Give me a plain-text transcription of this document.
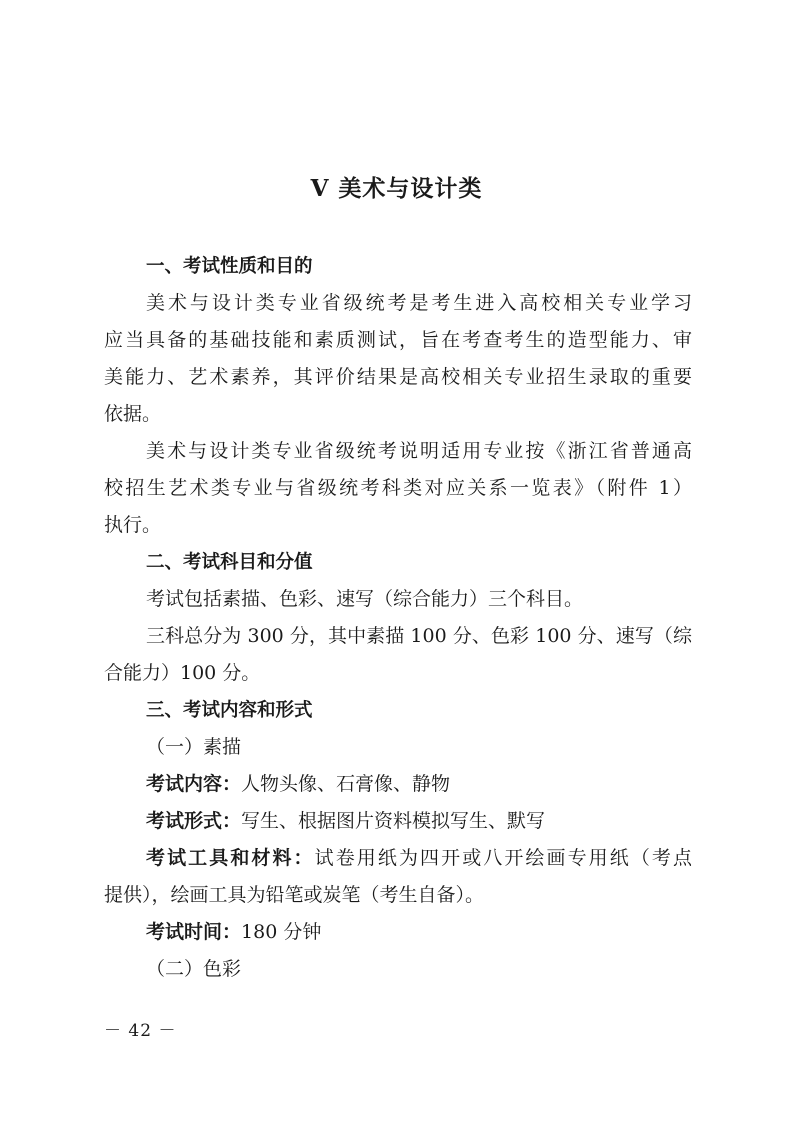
Ⅴ 美术与设计类
一、考试性质和目的
美术与设计类专业省级统考是考生进入高校相关专业学习
应当具备的基础技能和素质测试，旨在考查考生的造型能力、审
美能力、艺术素养，其评价结果是高校相关专业招生录取的重要
依据。
美术与设计类专业省级统考说明适用专业按《浙江省普通高
校招生艺术类专业与省级统考科类对应关系一览表》（附件 1）
执行。
二、考试科目和分值
考试包括素描、色彩、速写（综合能力）三个科目。
三科总分为 300 分，其中素描 100 分、色彩 100 分、速写（综
合能力）100 分。
三、考试内容和形式
（一）素描
考试内容：人物头像、石膏像、静物
考试形式：写生、根据图片资料模拟写生、默写
考试工具和材料：试卷用纸为四开或八开绘画专用纸（考点
提供），绘画工具为铅笔或炭笔（考生自备）。
考试时间：180 分钟
（二）色彩
－ 42 －
